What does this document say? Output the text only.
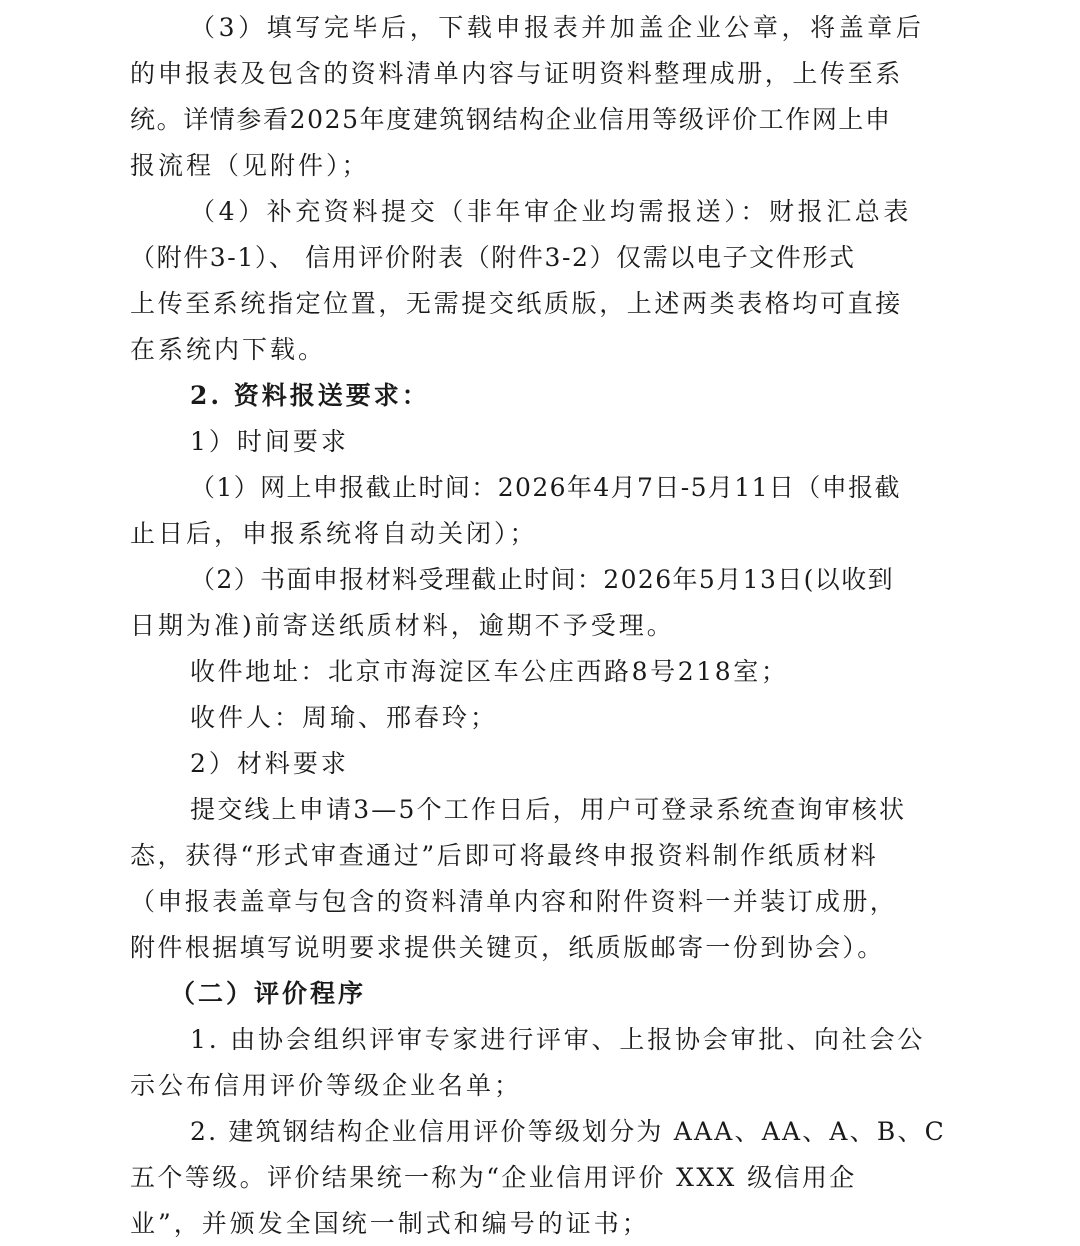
（3）填写完毕后，下载申报表并加盖企业公章，将盖章后
的申报表及包含的资料清单内容与证明资料整理成册，上传至系
统。详情参看2025年度建筑钢结构企业信用等级评价工作网上申
报流程（见附件）；
（4）补充资料提交（非年审企业均需报送）：财报汇总表
（附件3-1）、 信用评价附表（附件3-2）仅需以电子文件形式
上传至系统指定位置，无需提交纸质版，上述两类表格均可直接
在系统内下载。
2. 资料报送要求：
1）时间要求
（1）网上申报截止时间：2026年4月7日-5月11日（申报截
止日后，申报系统将自动关闭）；
（2）书面申报材料受理截止时间：2026年5月13日(以收到
日期为准)前寄送纸质材料，逾期不予受理。
收件地址：北京市海淀区车公庄西路8号218室；
收件人：周瑜、邢春玲；
2）材料要求
提交线上申请3—5个工作日后，用户可登录系统查询审核状
态，获得“形式审查通过”后即可将最终申报资料制作纸质材料
（申报表盖章与包含的资料清单内容和附件资料一并装订成册，
附件根据填写说明要求提供关键页，纸质版邮寄一份到协会）。
（二）评价程序
1. 由协会组织评审专家进行评审、上报协会审批、向社会公
示公布信用评价等级企业名单；
2. 建筑钢结构企业信用评价等级划分为 AAA、AA、A、B、C
五个等级。评价结果统一称为“企业信用评价 XXX 级信用企
业”，并颁发全国统一制式和编号的证书；
